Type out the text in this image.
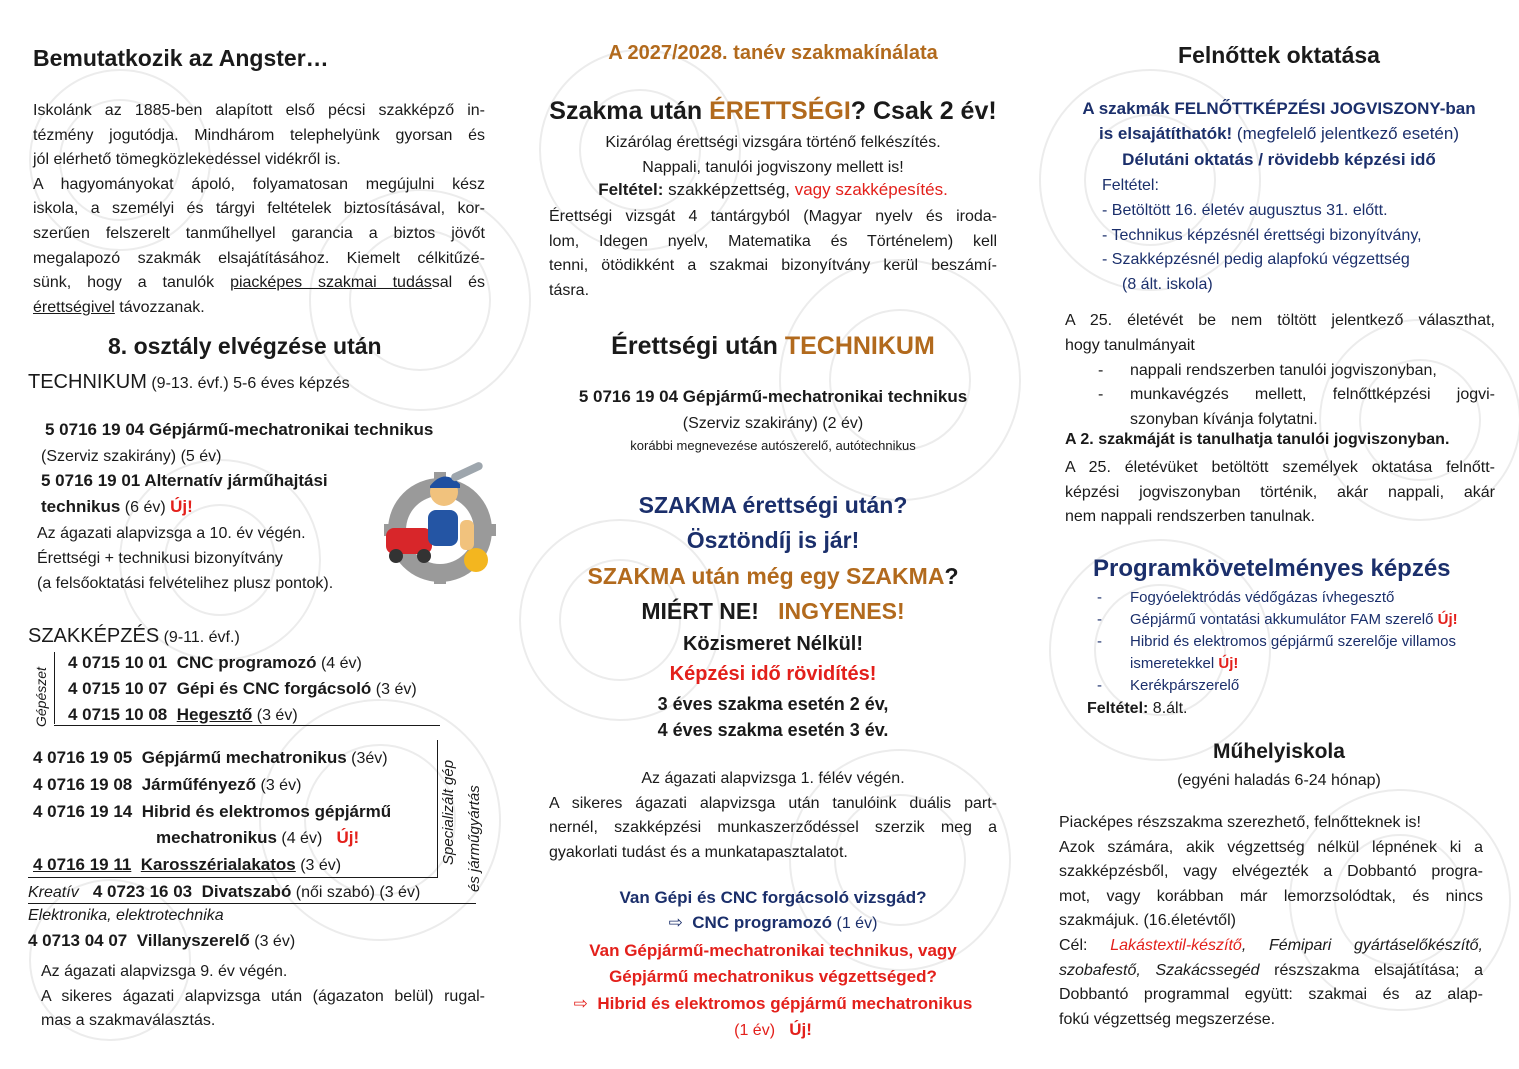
Bemutatkozik az Angster…
Iskolánk az 1885-ben alapított első pécsi szakképző in-
tézmény jogutódja. Mindhárom telephelyünk gyorsan és
jól elérhető tömegközlekedéssel vidékről is.
A hagyományokat ápoló, folyamatosan megújulni kész
iskola, a személyi és tárgyi feltételek biztosításával, kor-
szerűen felszerelt tanműhellyel garancia a biztos jövőt
megalapozó szakmák elsajátításához. Kiemelt célkitűzé-
sünk, hogy a tanulók piacképes szakmai tudással és
érettségivel távozzanak.
8. osztály elvégzése után
TECHNIKUM (9-13. évf.) 5-6 éves képzés
5 0716 19 04 Gépjármű-mechatronikai technikus
(Szerviz szakirány) (5 év)
5 0716 19 01 Alternatív járműhajtási
technikus (6 év) Új!
Az ágazati alapvizsga a 10. év végén.
Érettségi + technikusi bizonyítvány
(a felsőoktatási felvételihez plusz pontok).
SZAKKÉPZÉS (9-11. évf.)
Gépészet
4 0715 10 01 CNC programozó (4 év)
4 0715 10 07 Gépi és CNC forgácsoló (3 év)
4 0715 10 08 Hegesztő (3 év)
Specializált gép és járműgyártás
4 0716 19 05 Gépjármű mechatronikus (3év)
4 0716 19 08 Járműfényező (3 év)
4 0716 19 14 Hibrid és elektromos gépjármű
mechatronikus (4 év) Új!
4 0716 19 11 Karosszérialakatos (3 év)
Kreatív 4 0723 16 03 Divatszabó (női szabó) (3 év)
Elektronika, elektrotechnika
4 0713 04 07 Villanyszerelő (3 év)
Az ágazati alapvizsga 9. év végén.
A sikeres ágazati alapvizsga után (ágazaton belül) rugal-
mas a szakmaválasztás.
A 2027/2028. tanév szakmakínálata
Szakma után ÉRETTSÉGI? Csak 2 év!
Kizárólag érettségi vizsgára történő felkészítés.
Nappali, tanulói jogviszony mellett is!
Feltétel: szakképzettség, vagy szakképesítés.
Érettségi vizsgát 4 tantárgyból (Magyar nyelv és iroda-
lom, Idegen nyelv, Matematika és Történelem) kell
tenni, ötödikként a szakmai bizonyítvány kerül beszámí-
tásra.
Érettségi után TECHNIKUM
5 0716 19 04 Gépjármű-mechatronikai technikus
(Szerviz szakirány) (2 év)
korábbi megnevezése autószerelő, autótechnikus
SZAKMA érettségi után?
Ösztöndíj is jár!
SZAKMA után még egy SZAKMA?
MIÉRT NE! INGYENES!
Közismeret Nélkül!
Képzési idő rövidítés!
3 éves szakma esetén 2 év,
4 éves szakma esetén 3 év.
Az ágazati alapvizsga 1. félév végén.
A sikeres ágazati alapvizsga után tanulóink duális part-
nernél, szakképzési munkaszerződéssel szerzik meg a
gyakorlati tudást és a munkatapasztalatot.
Van Gépi és CNC forgácsoló vizsgád?
⇨ CNC programozó (1 év)
Van Gépjármű-mechatronikai technikus, vagy
Gépjármű mechatronikus végzettséged?
⇨ Hibrid és elektromos gépjármű mechatronikus
(1 év) Új!
Felnőttek oktatása
A szakmák FELNŐTTKÉPZÉSI JOGVISZONY-ban
is elsajátíthatók! (megfelelő jelentkező esetén)
Délutáni oktatás / rövidebb képzési idő
Feltétel:
- Betöltött 16. életév augusztus 31. előtt.
- Technikus képzésnél érettségi bizonyítvány,
- Szakképzésnél pedig alapfokú végzettség
(8 ált. iskola)
A 25. életévét be nem töltött jelentkező választhat,
hogy tanulmányait
- nappali rendszerben tanulói jogviszonyban,
- munkavégzés mellett, felnőttképzési jogvi-
szonyban kívánja folytatni.
A 2. szakmáját is tanulhatja tanulói jogviszonyban.
A 25. életévüket betöltött személyek oktatása felnőtt-
képzési jogviszonyban történik, akár nappali, akár
nem nappali rendszerben tanulnak.
Programkövetelményes képzés
- Fogyóelektródás védőgázas ívhegesztő
- Gépjármű vontatási akkumulátor FAM szerelő Új!
- Hibrid és elektromos gépjármű szerelője villamos
ismeretekkel Új!
- Kerékpárszerelő
Feltétel: 8.ált.
Műhelyiskola
(egyéni haladás 6-24 hónap)
Piacképes részszakma szerezhető, felnőtteknek is!
Azok számára, akik végzettség nélkül lépnének ki a
szakképzésből, vagy elvégezték a Dobbantó progra-
mot, vagy korábban már lemorzsolódtak, és nincs
szakmájuk. (16.életévtől)
Cél: Lakástextil-készítő, Fémipari gyártáselőkészítő,
szobafestő, Szakácssegéd részszakma elsajátítása; a
Dobbantó programmal együtt: szakmai és az alap-
fokú végzettség megszerzése.
